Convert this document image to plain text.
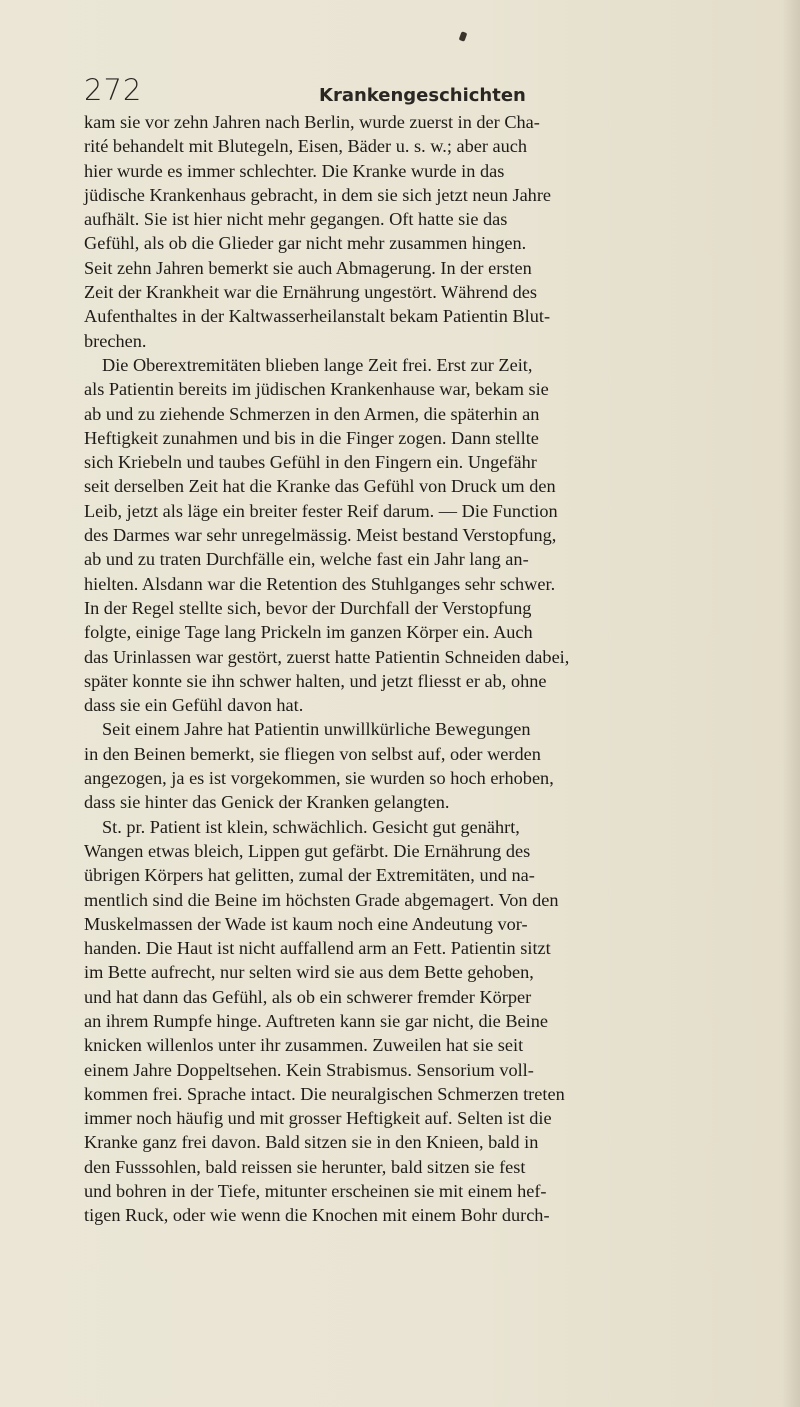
272	Krankengeschichten
kam sie vor zehn Jahren nach Berlin, wurde zuerst in der Cha-
rité behandelt mit Blutegeln, Eisen, Bäder u. s. w.; aber auch
hier wurde es immer schlechter. Die Kranke wurde in das
jüdische Krankenhaus gebracht, in dem sie sich jetzt neun Jahre
aufhält. Sie ist hier nicht mehr gegangen. Oft hatte sie das
Gefühl, als ob die Glieder gar nicht mehr zusammen hingen.
Seit zehn Jahren bemerkt sie auch Abmagerung. In der ersten
Zeit der Krankheit war die Ernährung ungestört. Während des
Aufenthaltes in der Kaltwasserheilanstalt bekam Patientin Blut-
brechen.
Die Oberextremitäten blieben lange Zeit frei. Erst zur Zeit,
als Patientin bereits im jüdischen Krankenhause war, bekam sie
ab und zu ziehende Schmerzen in den Armen, die späterhin an
Heftigkeit zunahmen und bis in die Finger zogen. Dann stellte
sich Kriebeln und taubes Gefühl in den Fingern ein. Ungefähr
seit derselben Zeit hat die Kranke das Gefühl von Druck um den
Leib, jetzt als läge ein breiter fester Reif darum. — Die Function
des Darmes war sehr unregelmässig. Meist bestand Verstopfung,
ab und zu traten Durchfälle ein, welche fast ein Jahr lang an-
hielten. Alsdann war die Retention des Stuhlganges sehr schwer.
In der Regel stellte sich, bevor der Durchfall der Verstopfung
folgte, einige Tage lang Prickeln im ganzen Körper ein. Auch
das Urinlassen war gestört, zuerst hatte Patientin Schneiden dabei,
später konnte sie ihn schwer halten, und jetzt fliesst er ab, ohne
dass sie ein Gefühl davon hat.
Seit einem Jahre hat Patientin unwillkürliche Bewegungen
in den Beinen bemerkt, sie fliegen von selbst auf, oder werden
angezogen, ja es ist vorgekommen, sie wurden so hoch erhoben,
dass sie hinter das Genick der Kranken gelangten.
St. pr. Patient ist klein, schwächlich. Gesicht gut genährt,
Wangen etwas bleich, Lippen gut gefärbt. Die Ernährung des
übrigen Körpers hat gelitten, zumal der Extremitäten, und na-
mentlich sind die Beine im höchsten Grade abgemagert. Von den
Muskelmassen der Wade ist kaum noch eine Andeutung vor-
handen. Die Haut ist nicht auffallend arm an Fett. Patientin sitzt
im Bette aufrecht, nur selten wird sie aus dem Bette gehoben,
und hat dann das Gefühl, als ob ein schwerer fremder Körper
an ihrem Rumpfe hinge. Auftreten kann sie gar nicht, die Beine
knicken willenlos unter ihr zusammen. Zuweilen hat sie seit
einem Jahre Doppeltsehen. Kein Strabismus. Sensorium voll-
kommen frei. Sprache intact. Die neuralgischen Schmerzen treten
immer noch häufig und mit grosser Heftigkeit auf. Selten ist die
Kranke ganz frei davon. Bald sitzen sie in den Knieen, bald in
den Fusssohlen, bald reissen sie herunter, bald sitzen sie fest
und bohren in der Tiefe, mitunter erscheinen sie mit einem hef-
tigen Ruck, oder wie wenn die Knochen mit einem Bohr durch-
